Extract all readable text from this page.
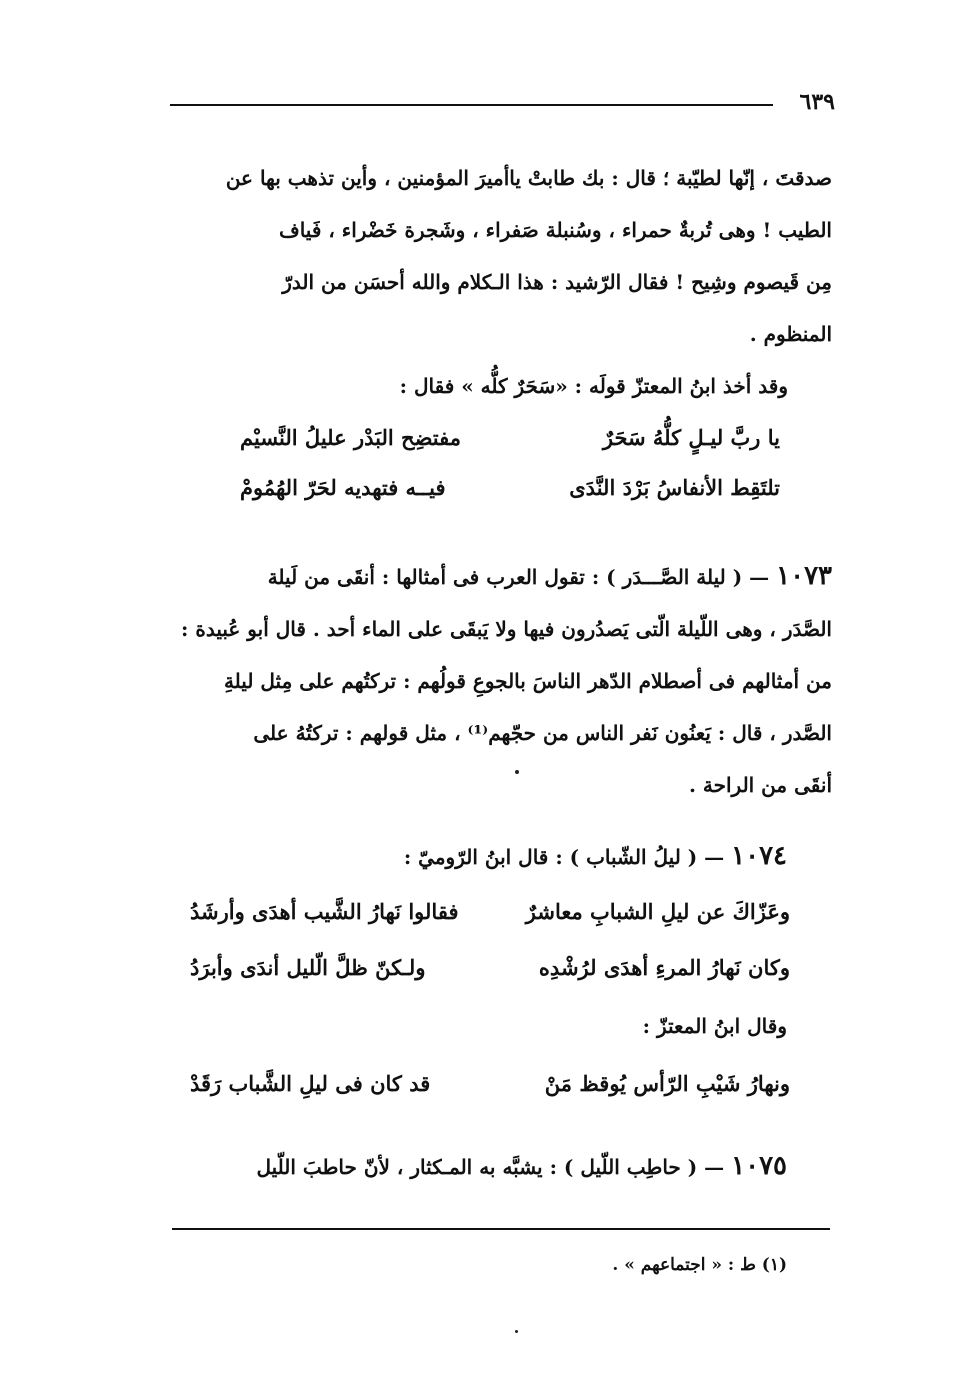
٦٣٩
صدقتَ ، إنّها لطيّبة ؛ قال : بك طابتْ ياأميرَ المؤمنين ، وأين تذهب بها عن
الطيب ! وهى تُربةٌ حمراء ، وسُنبلة صَفراء ، وشَجرة خَضْراء ، فَياف
مِن قَيصوم وشِيح ! فقال الرّشيد : هذا الـكلام والله أحسَن من الدرّ
المنظوم .
وقد أخذ ابنُ المعتزّ قولَه : «سَحَرٌ كلُّه » فقال :
يا ربَّ ليـلٍ كلُّهُ سَحَرٌ
مفتضِح البَدْر عليلُ النَّسيْم
تلتَقِط الأنفاسُ بَرْدَ النَّدَى
فيــه فتهديه لحَرّ الهُمُومْ
١٠٧٣ — ( ليلة الصَّـــدَر ) : تقول العرب فى أمثالها : أنقَى من لَيلة
الصَّدَر ، وهى اللّيلة الّتى يَصدُرون فيها ولا يَبقَى على الماء أحد . قال أبو عُبيدة :
من أمثالهم فى أصطلام الدّهر الناسَ بالجوعِ قولُهم : تركتُهم على مِثل ليلةِ
الصَّدر ، قال : يَعنُون نَفر الناس من حجّهم⁽¹⁾ ، مثل قولهم : تركتُهُ على
أنقَى من الراحة .
١٠٧٤ — ( ليلُ الشّباب ) : قال ابنُ الرّوميّ :
وعَزّاكَ عن ليلِ الشبابِ معاشرٌ
فقالوا نَهارُ الشَّيب أهدَى وأرشَدُ
وكان نَهارُ المرءِ أهدَى لرُشْدِه
ولـكنّ ظلَّ الّليل أندَى وأبرَدُ
وقال ابنُ المعتزّ :
ونهارُ شَيْبِ الرّأس يُوقظ مَنْ
قد كان فى ليلِ الشَّباب رَقَدْ
١٠٧٥ — ( حاطِب اللّيل ) : يشبَّه به المـكثار ، لأنّ حاطبَ اللّيل
(١) ط : « اجتماعهم » .
